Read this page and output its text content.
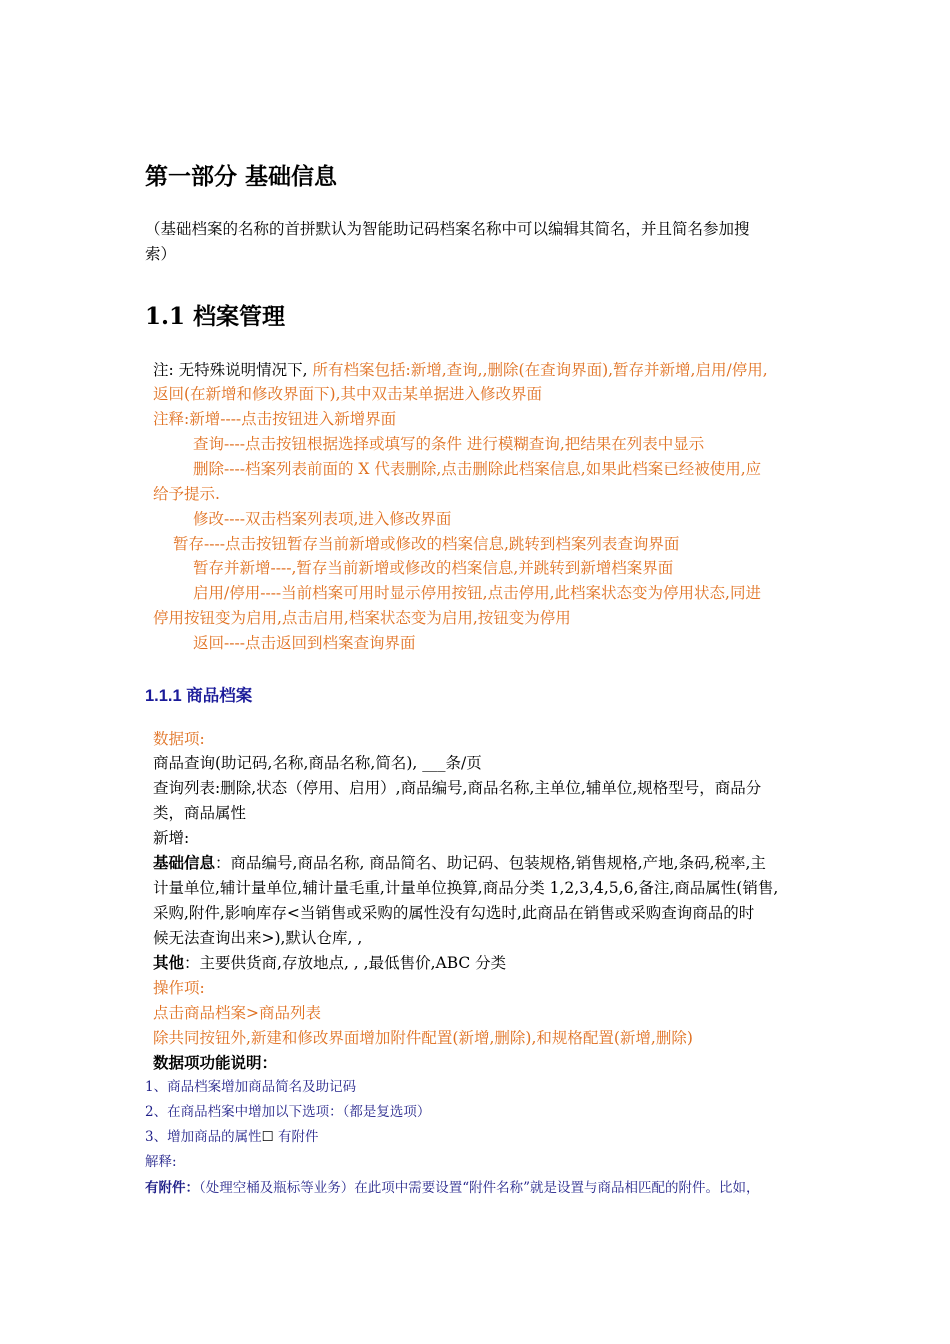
第一部分 基础信息
（基础档案的名称的首拼默认为智能助记码档案名称中可以编辑其简名，并且简名参加搜
索）
1.1 档案管理
注: 无特殊说明情况下, 所有档案包括:新增,查询,,删除(在查询界面),暂存并新增,启用/停用,
返回(在新增和修改界面下),其中双击某单据进入修改界面
注释:新增----点击按钮进入新增界面
查询----点击按钮根据选择或填写的条件 进行模糊查询,把结果在列表中显示
删除----档案列表前面的 X 代表删除,点击删除此档案信息,如果此档案已经被使用,应
给予提示.
修改----双击档案列表项,进入修改界面
暂存----点击按钮暂存当前新增或修改的档案信息,跳转到档案列表查询界面
暂存并新增----,暂存当前新增或修改的档案信息,并跳转到新增档案界面
启用/停用----当前档案可用时显示停用按钮,点击停用,此档案状态变为停用状态,同进
停用按钮变为启用,点击启用,档案状态变为启用,按钮变为停用
返回----点击返回到档案查询界面
1.1.1 商品档案
数据项:
商品查询(助记码,名称,商品名称,简名), ___条/页
查询列表:删除,状态（停用、启用）,商品编号,商品名称,主单位,辅单位,规格型号，商品分
类，商品属性
新增:
基础信息：商品编号,商品名称, 商品简名、助记码、包装规格,销售规格,产地,条码,税率,主
计量单位,辅计量单位,辅计量毛重,计量单位换算,商品分类 1,2,3,4,5,6,备注,商品属性(销售,
采购,附件,影响库存<当销售或采购的属性没有勾选时,此商品在销售或采购查询商品的时
候无法查询出来>),默认仓库, ,
其他：主要供货商,存放地点, , ,最低售价,ABC 分类
操作项:
点击商品档案>商品列表
除共同按钮外,新建和修改界面增加附件配置(新增,删除),和规格配置(新增,删除)
数据项功能说明：
1、商品档案增加商品简名及助记码
2、在商品档案中增加以下选项：（都是复选项）
3、增加商品的属性☐ 有附件
解释:
有附件：（处理空桶及瓶标等业务）在此项中需要设置“附件名称”就是设置与商品相匹配的附件。比如，
